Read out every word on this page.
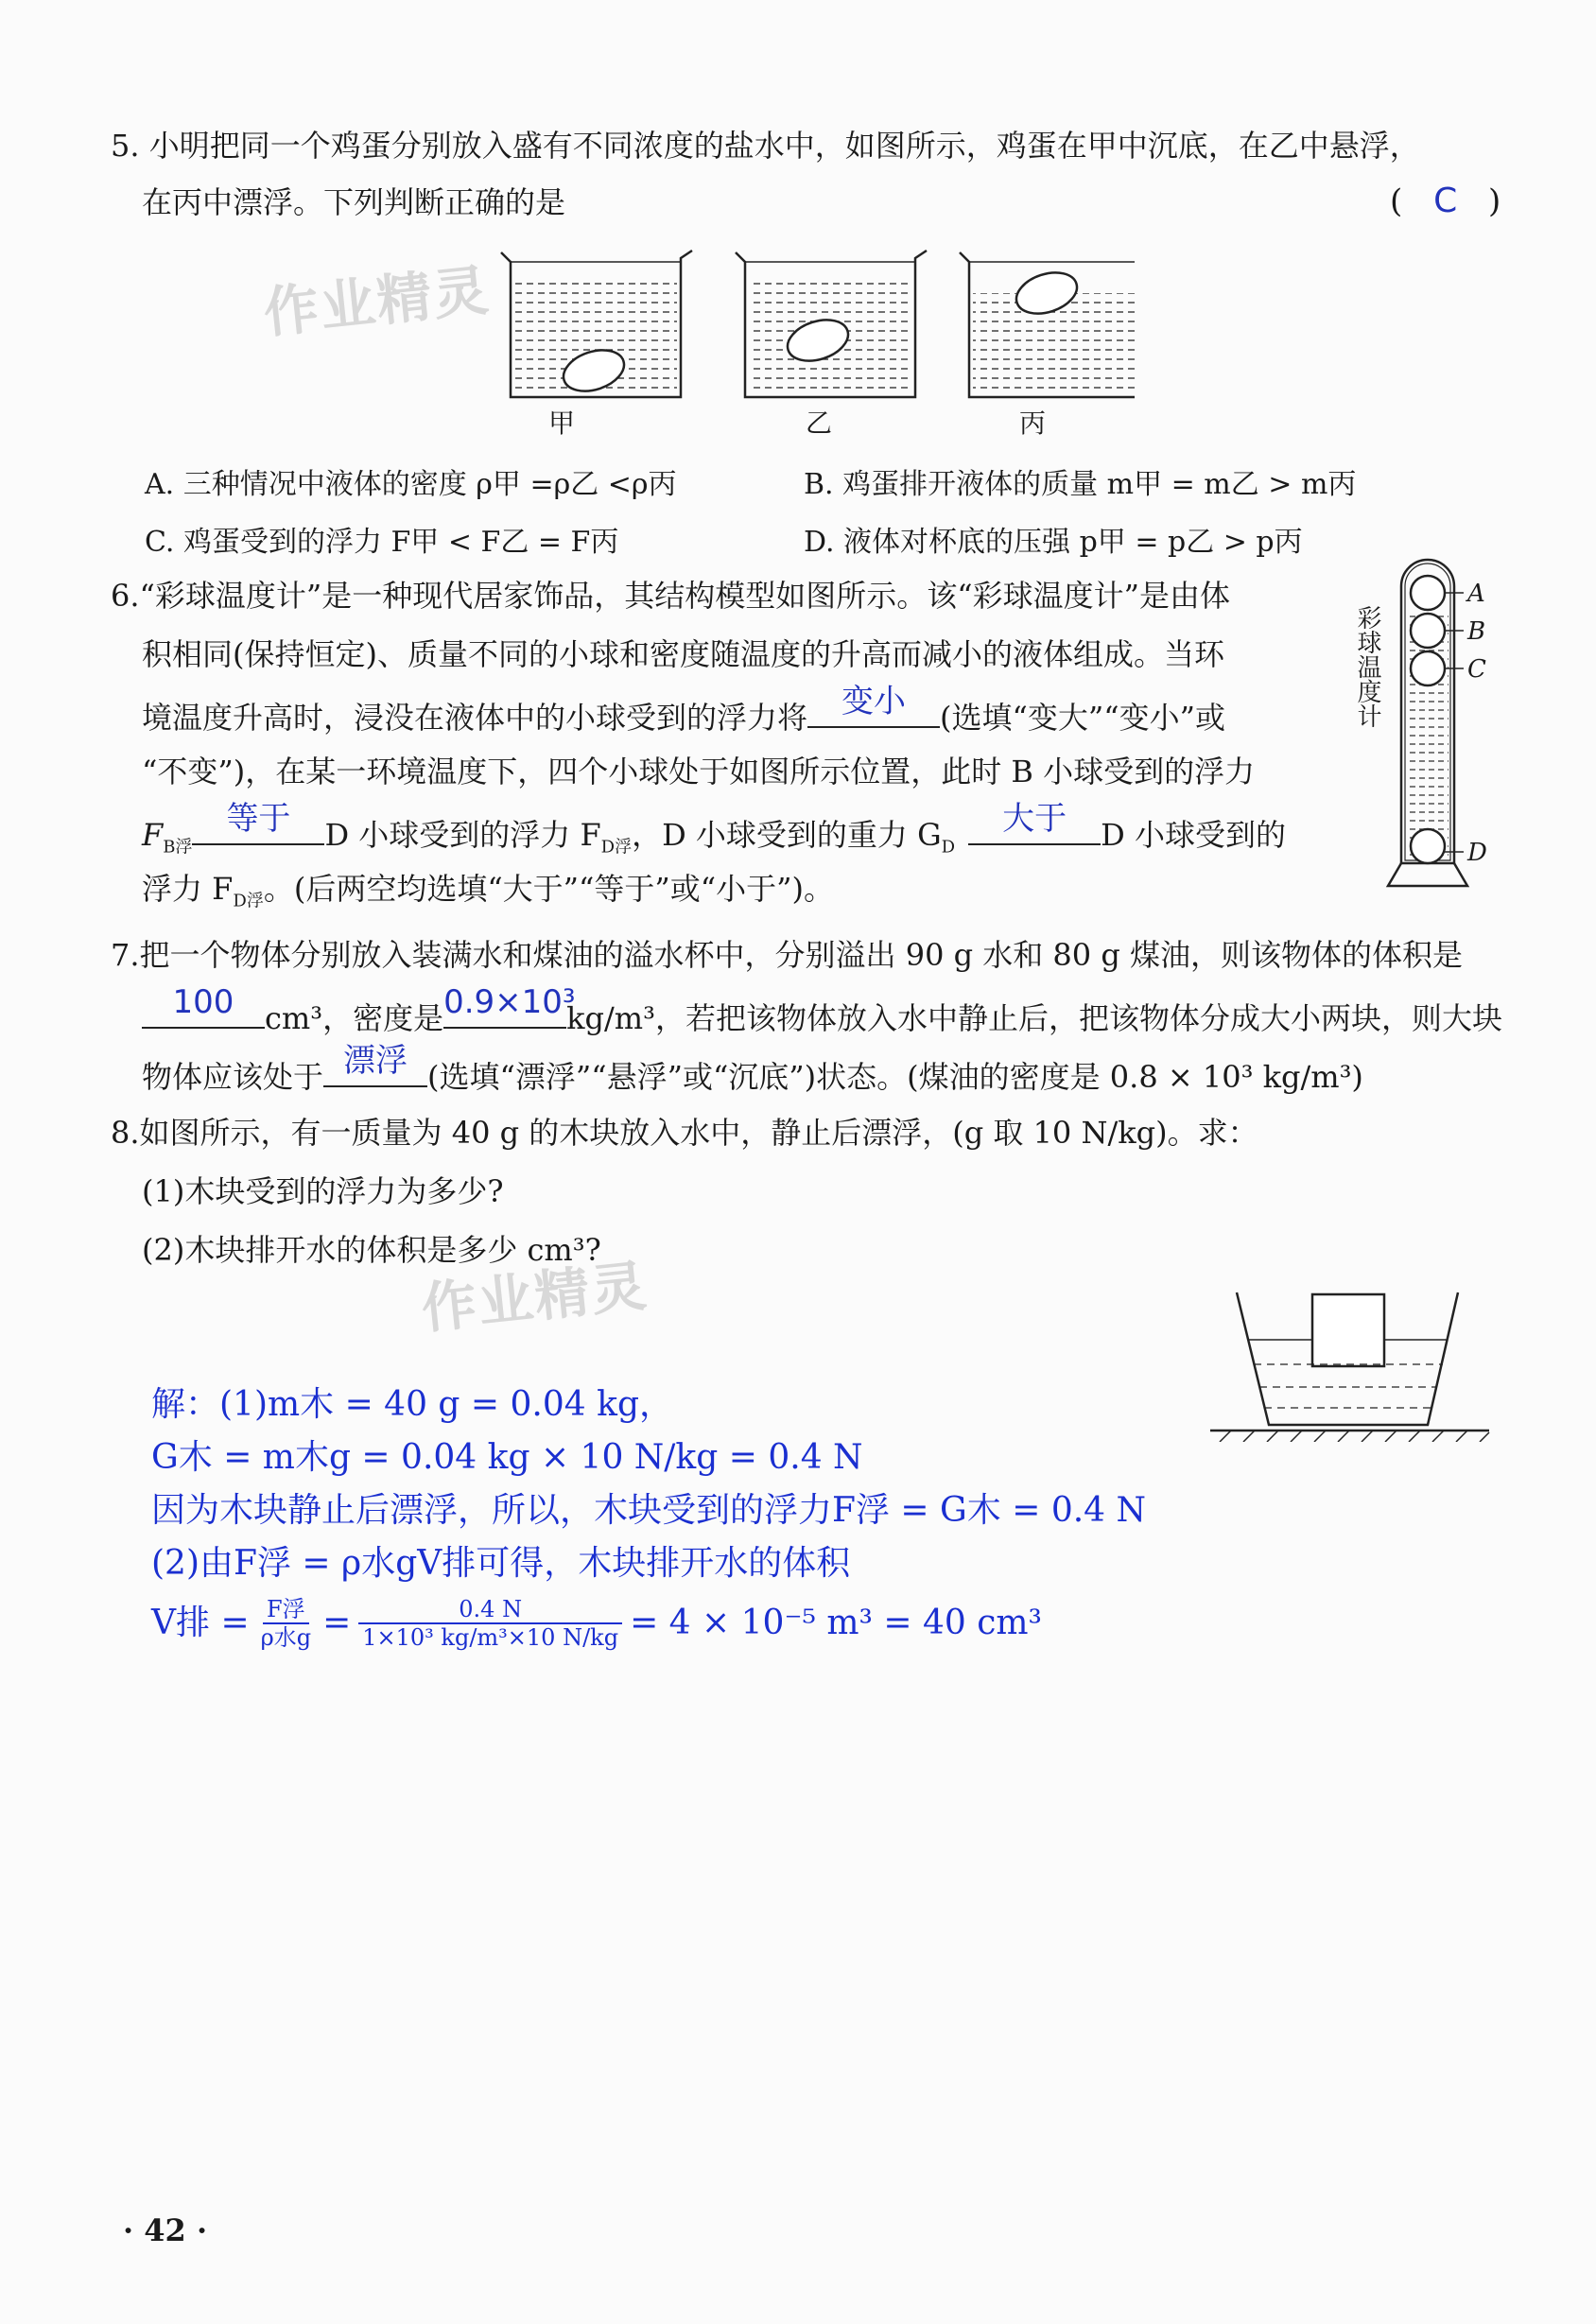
作业精灵
作业精灵
5. 小明把同一个鸡蛋分别放入盛有不同浓度的盐水中，如图所示，鸡蛋在甲中沉底，在乙中悬浮，
在丙中漂浮。下列判断正确的是	( C )
甲	乙	丙
A. 三种情况中液体的密度 ρ甲 =ρ乙 <ρ丙	B. 鸡蛋排开液体的质量 m甲 = m乙 > m丙
C. 鸡蛋受到的浮力 F甲 < F乙 = F丙	D. 液体对杯底的压强 p甲 = p乙 > p丙
6.“彩球温度计”是一种现代居家饰品，其结构模型如图所示。该“彩球温度计”是由体
积相同(保持恒定)、质量不同的小球和密度随温度的升高而减小的液体组成。当环
境温度升高时，浸没在液体中的小球受到的浮力将	变小	(选填“变大”“变小”或
“不变”)，在某一环境温度下，四个小球处于如图所示位置，此时 B 小球受到的浮力
$F_{B浮}$
等于	D 小球受到的浮力 $F_{D浮}$，D 小球受到的重力 $G_D$
大于	D 小球受到的
浮力 $F_{D浮}$。(后两空均选填“大于”“等于”或“小于”)。
彩球温度计
A
B
C
D
7.把一个物体分别放入装满水和煤油的溢水杯中，分别溢出 90 g 水和 80 g 煤油，则该物体的体积是
100	cm³，密度是 0.9×10³
kg/m³，若把该物体放入水中静止后，把该物体分成大小两块，则大块
物体应该处于 漂浮 (选填“漂浮”“悬浮”或“沉底”)状态。(煤油的密度是 0.8 × 10³ kg/m³)
8.如图所示，有一质量为 40 g 的木块放入水中，静止后漂浮，(g 取 10 N/kg)。求：
(1)木块受到的浮力为多少?
(2)木块排开水的体积是多少 cm³?
解：(1)m木 = 40 g = 0.04 kg，
G木 = m木g = 0.04 kg × 10 N/kg = 0.4 N
因为木块静止后漂浮，所以，木块受到的浮力F浮 = G木 = 0.4 N
(2)由F浮 = ρ水gV排可得，木块排开水的体积
V排 = F浮
ρ水$g = \frac{0.4 N}{\text{1×10³ kg/m³×10 N/kg}} = 4 \times 10^{-5}$ m³ = 40 cm³
· 42 ·
